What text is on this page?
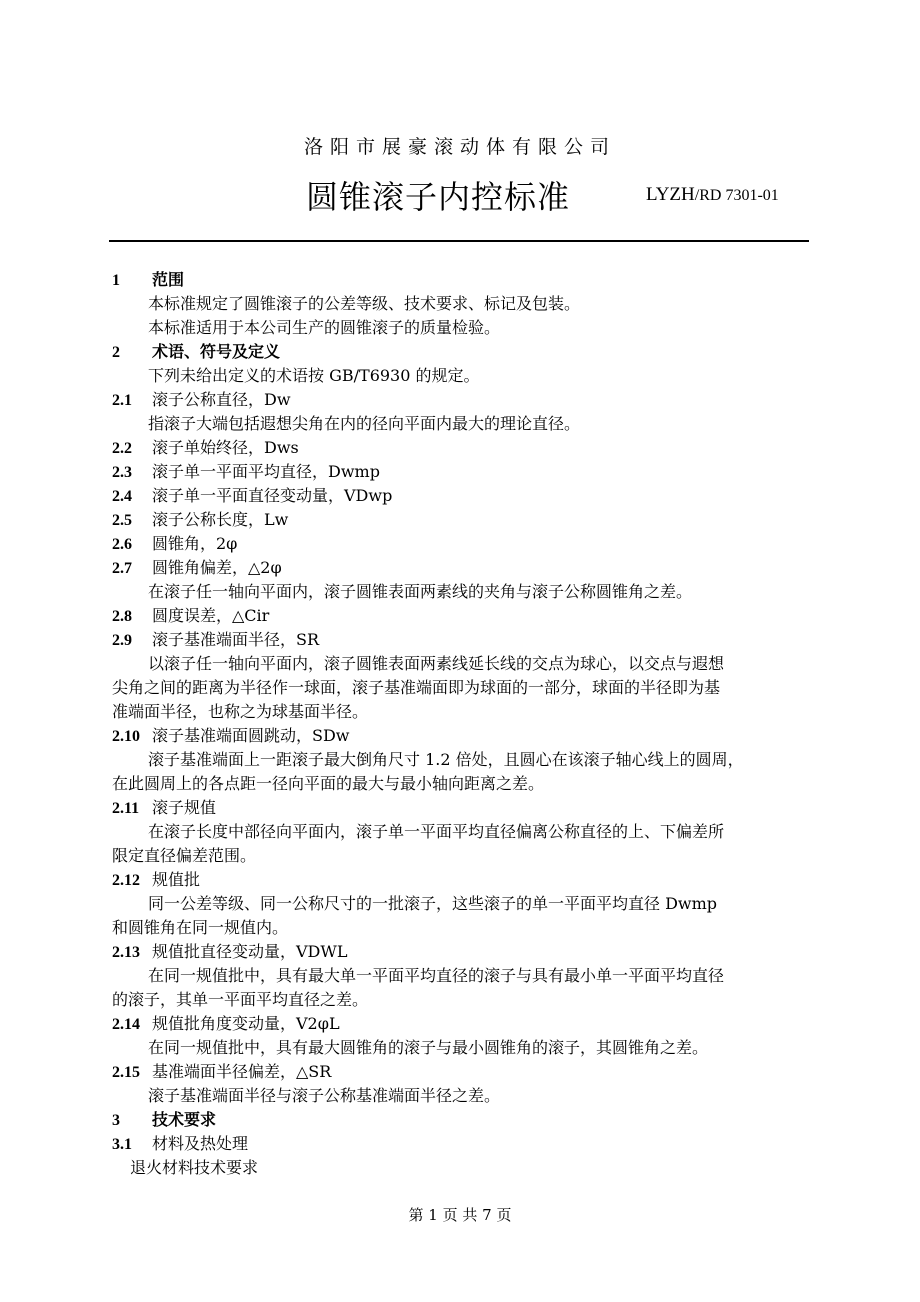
洛阳市展豪滚动体有限公司
圆锥滚子内控标准	LYZH/RD 7301-01
1 范围
本标准规定了圆锥滚子的公差等级、技术要求、标记及包装。
本标准适用于本公司生产的圆锥滚子的质量检验。
2 术语、符号及定义
下列未给出定义的术语按 GB/T6930 的规定。
2.1 滚子公称直径，Dw
指滚子大端包括遐想尖角在内的径向平面内最大的理论直径。
2.2 滚子单始终径，Dws
2.3 滚子单一平面平均直径，Dwmp
2.4 滚子单一平面直径变动量，VDwp
2.5 滚子公称长度，Lw
2.6 圆锥角，2φ
2.7 圆锥角偏差，△2φ
在滚子任一轴向平面内，滚子圆锥表面两素线的夹角与滚子公称圆锥角之差。
2.8 圆度误差，△Cir
2.9 滚子基准端面半径，SR
以滚子任一轴向平面内，滚子圆锥表面两素线延长线的交点为球心，以交点与遐想
尖角之间的距离为半径作一球面，滚子基准端面即为球面的一部分，球面的半径即为基
准端面半径，也称之为球基面半径。
2.10 滚子基准端面圆跳动，SDw
滚子基准端面上一距滚子最大倒角尺寸 1.2 倍处，且圆心在该滚子轴心线上的圆周，
在此圆周上的各点距一径向平面的最大与最小轴向距离之差。
2.11 滚子规值
在滚子长度中部径向平面内，滚子单一平面平均直径偏离公称直径的上、下偏差所
限定直径偏差范围。
2.12 规值批
同一公差等级、同一公称尺寸的一批滚子，这些滚子的单一平面平均直径 Dwmp
和圆锥角在同一规值内。
2.13 规值批直径变动量，VDWL
在同一规值批中，具有最大单一平面平均直径的滚子与具有最小单一平面平均直径
的滚子，其单一平面平均直径之差。
2.14 规值批角度变动量，V2φL
在同一规值批中，具有最大圆锥角的滚子与最小圆锥角的滚子，其圆锥角之差。
2.15 基准端面半径偏差，△SR
滚子基准端面半径与滚子公称基准端面半径之差。
3 技术要求
3.1 材料及热处理
退火材料技术要求
第 1 页 共 7 页
